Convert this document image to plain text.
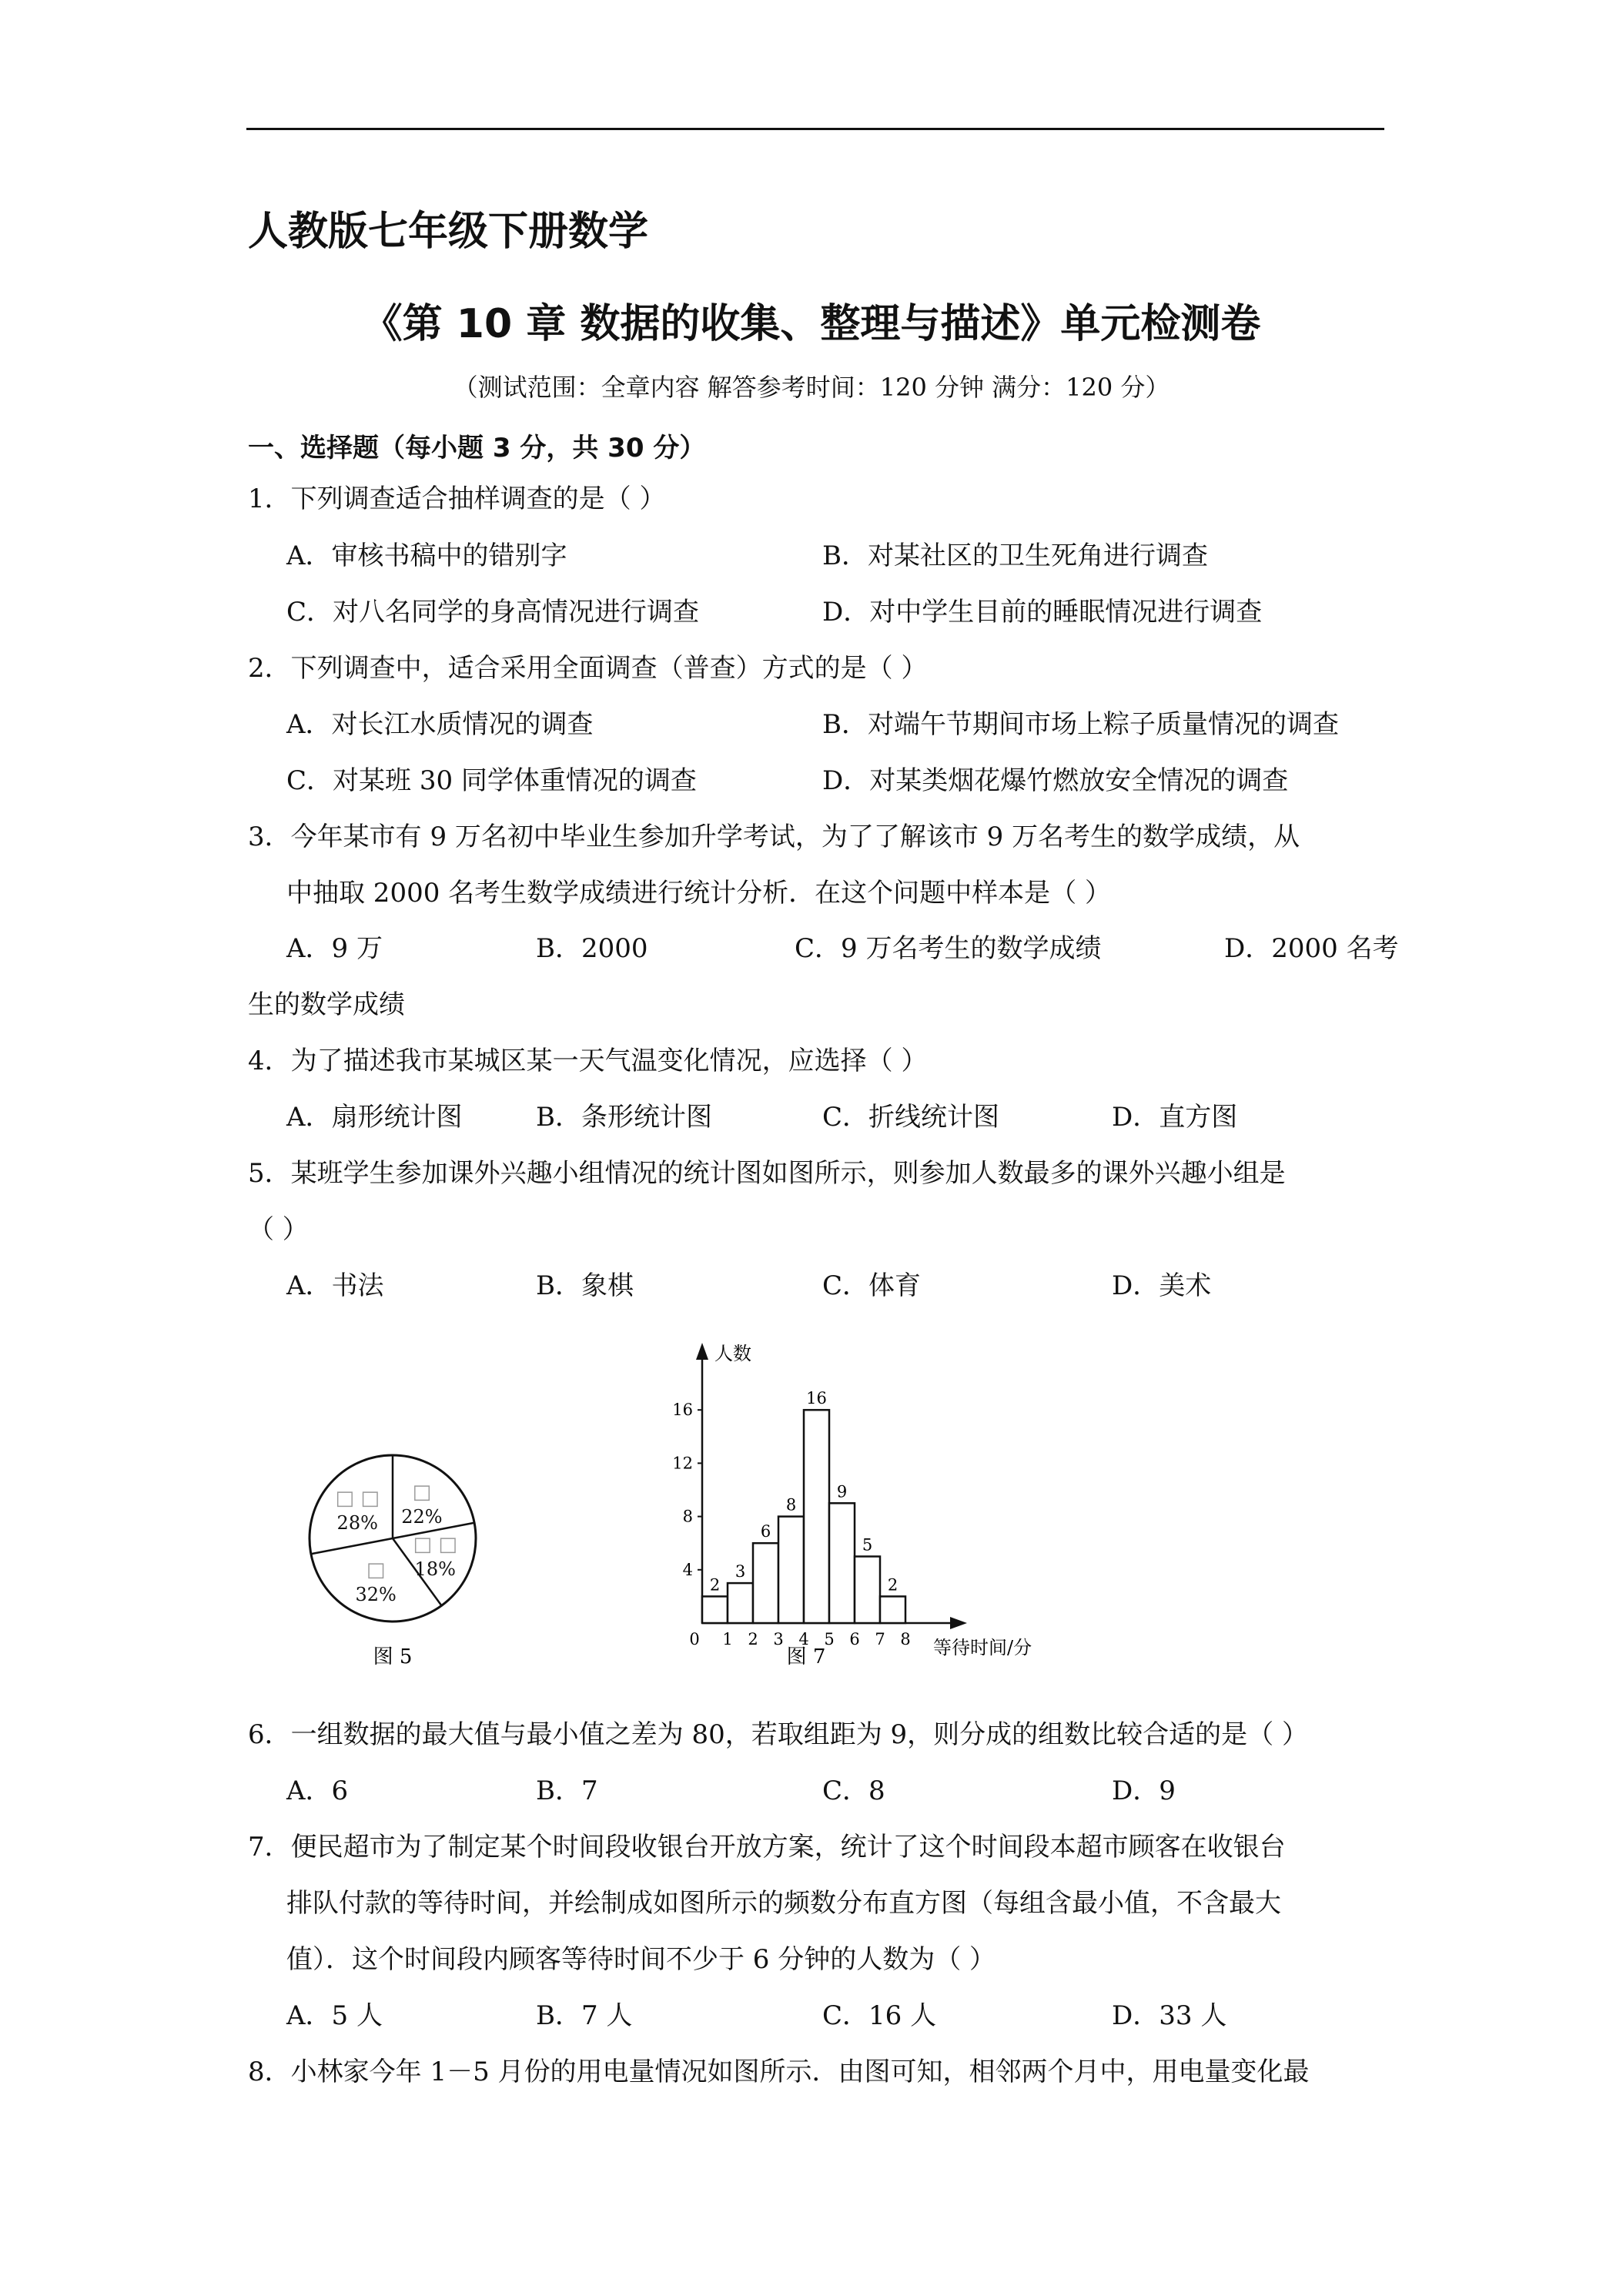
人教版七年级下册数学
《第 10 章 数据的收集、整理与描述》单元检测卷
（测试范围：全章内容 解答参考时间：120 分钟 满分：120 分）
一、选择题（每小题 3 分，共 30 分）
1．下列调查适合抽样调查的是（ ）
A．审核书稿中的错别字	B．对某社区的卫生死角进行调查
C．对八名同学的身高情况进行调查	D．对中学生目前的睡眠情况进行调查
2．下列调查中，适合采用全面调查（普查）方式的是（ ）
A．对长江水质情况的调查	B．对端午节期间市场上粽子质量情况的调查
C．对某班 30 同学体重情况的调查	D．对某类烟花爆竹燃放安全情况的调查
3．今年某市有 9 万名初中毕业生参加升学考试，为了了解该市 9 万名考生的数学成绩，从
中抽取 2000 名考生数学成绩进行统计分析．在这个问题中样本是（ ）
A．9 万	B．2000	C．9 万名考生的数学成绩	D．2000 名考
生的数学成绩
4．为了描述我市某城区某一天气温变化情况，应选择（ ）
A．扇形统计图	B．条形统计图	C．折线统计图	D．直方图
5．某班学生参加课外兴趣小组情况的统计图如图所示，则参加人数最多的课外兴趣小组是
（ ）
A．书法	B．象棋	C．体育	D．美术
□
22%
□ □
18%
□
32%
□ □
28%
图 5
人数
等待时间/分
4
8
12
16
0 1 2 3 4 5 6 7 8
2
3
6
8
16
9
5
2
图 7
6．一组数据的最大值与最小值之差为 80，若取组距为 9，则分成的组数比较合适的是（ ）
A．6	B．7	C．8	D．9
7．便民超市为了制定某个时间段收银台开放方案，统计了这个时间段本超市顾客在收银台
排队付款的等待时间，并绘制成如图所示的频数分布直方图（每组含最小值，不含最大
值）．这个时间段内顾客等待时间不少于 6 分钟的人数为（ ）
A．5 人	B．7 人	C．16 人	D．33 人
8．小林家今年 1－5 月份的用电量情况如图所示．由图可知，相邻两个月中，用电量变化最
